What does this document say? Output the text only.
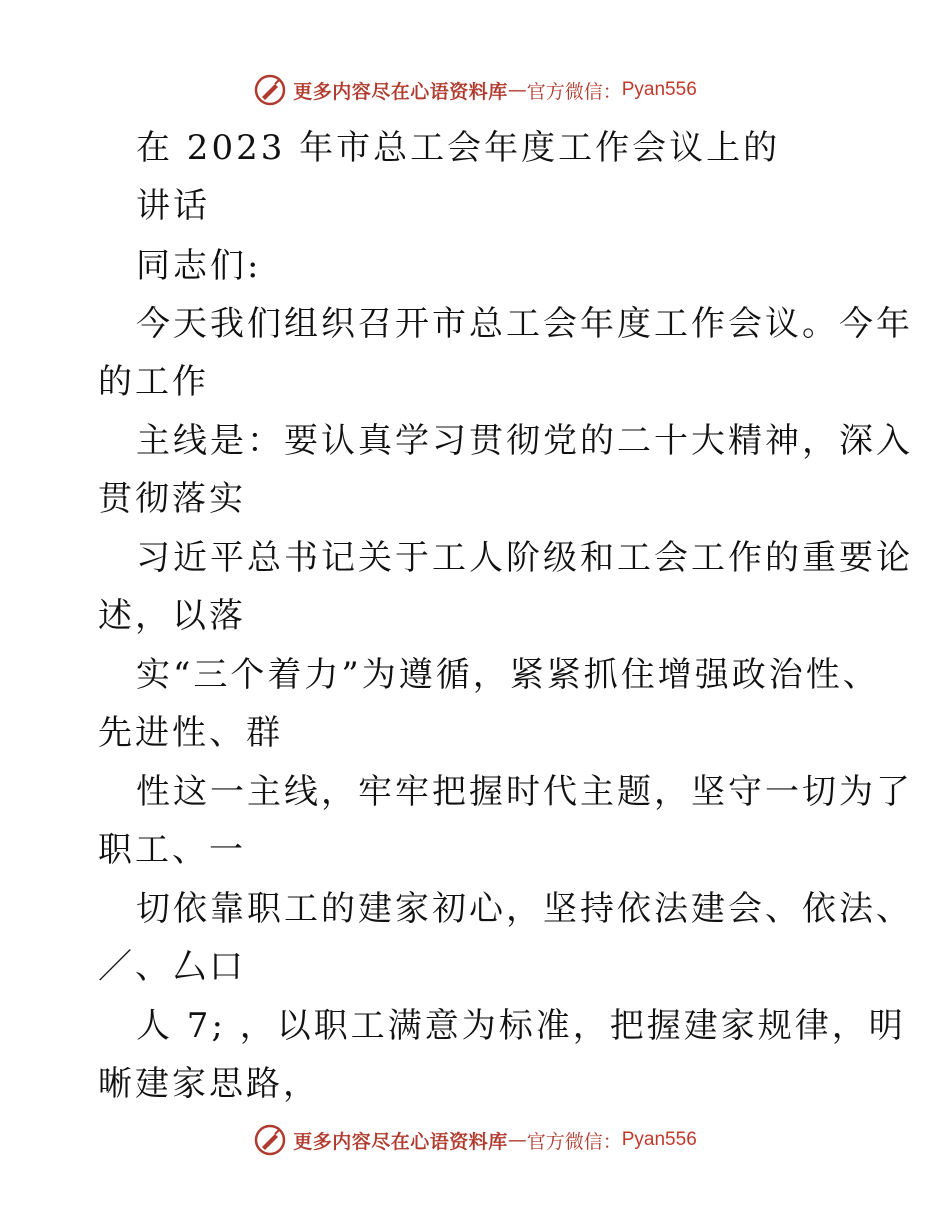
更多内容尽在心语资料库 — 官方微信： Pyan556
在 2023 年市总工会年度工作会议上的
讲话
同志们:
今天我们组织召开市总工会年度工作会议。今年
的工作
主线是：要认真学习贯彻党的二十大精神，深入
贯彻落实
习近平总书记关于工人阶级和工会工作的重要论
述，以落
实“三个着力”为遵循，紧紧抓住增强政治性、
先进性、群
性这一主线，牢牢把握时代主题，坚守一切为了
职工、一
切依靠职工的建家初心，坚持依法建会、依法、
／、厶口
人 7; ，以职工满意为标准，把握建家规律，明
晰建家思路，
更多内容尽在心语资料库 — 官方微信： Pyan556
